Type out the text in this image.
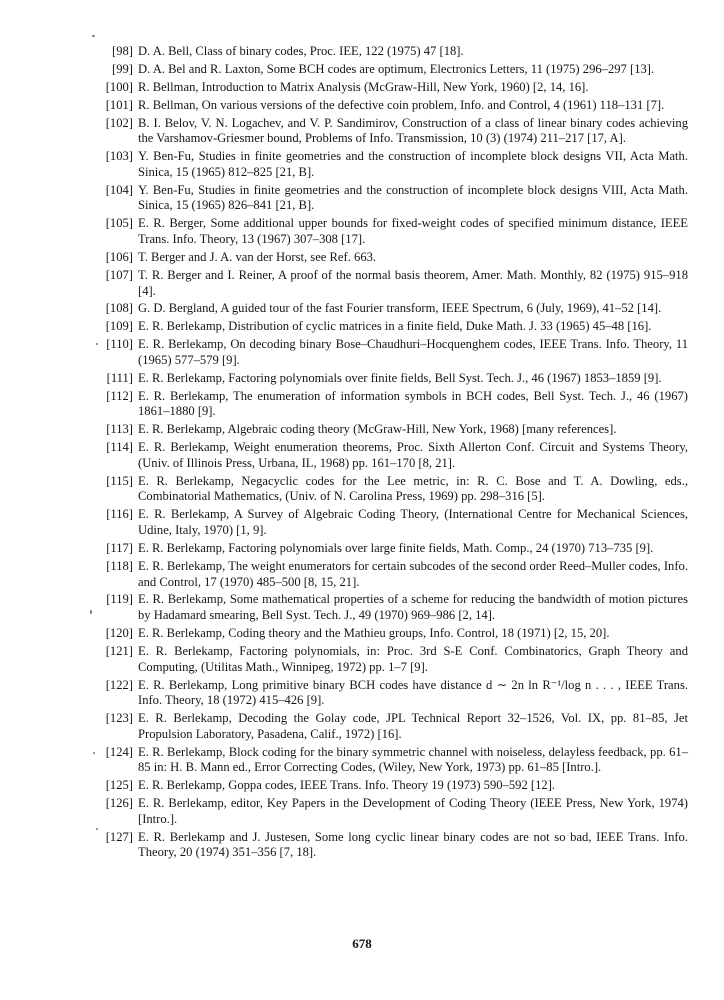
[98] D. A. Bell, Class of binary codes, Proc. IEE, 122 (1975) 47 [18].
[99] D. A. Bel and R. Laxton, Some BCH codes are optimum, Electronics Letters, 11 (1975) 296–297 [13].
[100] R. Bellman, Introduction to Matrix Analysis (McGraw-Hill, New York, 1960) [2, 14, 16].
[101] R. Bellman, On various versions of the defective coin problem, Info. and Control, 4 (1961) 118–131 [7].
[102] B. I. Belov, V. N. Logachev, and V. P. Sandimirov, Construction of a class of linear binary codes achieving the Varshamov-Griesmer bound, Problems of Info. Transmission, 10 (3) (1974) 211–217 [17, A].
[103] Y. Ben-Fu, Studies in finite geometries and the construction of incomplete block designs VII, Acta Math. Sinica, 15 (1965) 812–825 [21, B].
[104] Y. Ben-Fu, Studies in finite geometries and the construction of incomplete block designs VIII, Acta Math. Sinica, 15 (1965) 826–841 [21, B].
[105] E. R. Berger, Some additional upper bounds for fixed-weight codes of specified minimum distance, IEEE Trans. Info. Theory, 13 (1967) 307–308 [17].
[106] T. Berger and J. A. van der Horst, see Ref. 663.
[107] T. R. Berger and I. Reiner, A proof of the normal basis theorem, Amer. Math. Monthly, 82 (1975) 915–918 [4].
[108] G. D. Bergland, A guided tour of the fast Fourier transform, IEEE Spectrum, 6 (July, 1969), 41–52 [14].
[109] E. R. Berlekamp, Distribution of cyclic matrices in a finite field, Duke Math. J. 33 (1965) 45–48 [16].
[110] E. R. Berlekamp, On decoding binary Bose–Chaudhuri–Hocquenghem codes, IEEE Trans. Info. Theory, 11 (1965) 577–579 [9].
[111] E. R. Berlekamp, Factoring polynomials over finite fields, Bell Syst. Tech. J., 46 (1967) 1853–1859 [9].
[112] E. R. Berlekamp, The enumeration of information symbols in BCH codes, Bell Syst. Tech. J., 46 (1967) 1861–1880 [9].
[113] E. R. Berlekamp, Algebraic coding theory (McGraw-Hill, New York, 1968) [many references].
[114] E. R. Berlekamp, Weight enumeration theorems, Proc. Sixth Allerton Conf. Circuit and Systems Theory, (Univ. of Illinois Press, Urbana, IL, 1968) pp. 161–170 [8, 21].
[115] E. R. Berlekamp, Negacyclic codes for the Lee metric, in: R. C. Bose and T. A. Dowling, eds., Combinatorial Mathematics, (Univ. of N. Carolina Press, 1969) pp. 298–316 [5].
[116] E. R. Berlekamp, A Survey of Algebraic Coding Theory, (International Centre for Mechanical Sciences, Udine, Italy, 1970) [1, 9].
[117] E. R. Berlekamp, Factoring polynomials over large finite fields, Math. Comp., 24 (1970) 713–735 [9].
[118] E. R. Berlekamp, The weight enumerators for certain subcodes of the second order Reed–Muller codes, Info. and Control, 17 (1970) 485–500 [8, 15, 21].
[119] E. R. Berlekamp, Some mathematical properties of a scheme for reducing the bandwidth of motion pictures by Hadamard smearing, Bell Syst. Tech. J., 49 (1970) 969–986 [2, 14].
[120] E. R. Berlekamp, Coding theory and the Mathieu groups, Info. Control, 18 (1971) [2, 15, 20].
[121] E. R. Berlekamp, Factoring polynomials, in: Proc. 3rd S-E Conf. Combinatorics, Graph Theory and Computing, (Utilitas Math., Winnipeg, 1972) pp. 1–7 [9].
[122] E. R. Berlekamp, Long primitive binary BCH codes have distance d ∼ 2n ln R⁻¹/log n . . . , IEEE Trans. Info. Theory, 18 (1972) 415–426 [9].
[123] E. R. Berlekamp, Decoding the Golay code, JPL Technical Report 32–1526, Vol. IX, pp. 81–85, Jet Propulsion Laboratory, Pasadena, Calif., 1972) [16].
[124] E. R. Berlekamp, Block coding for the binary symmetric channel with noiseless, delayless feedback, pp. 61–85 in: H. B. Mann ed., Error Correcting Codes, (Wiley, New York, 1973) pp. 61–85 [Intro.].
[125] E. R. Berlekamp, Goppa codes, IEEE Trans. Info. Theory 19 (1973) 590–592 [12].
[126] E. R. Berlekamp, editor, Key Papers in the Development of Coding Theory (IEEE Press, New York, 1974) [Intro.].
[127] E. R. Berlekamp and J. Justesen, Some long cyclic linear binary codes are not so bad, IEEE Trans. Info. Theory, 20 (1974) 351–356 [7, 18].
678
